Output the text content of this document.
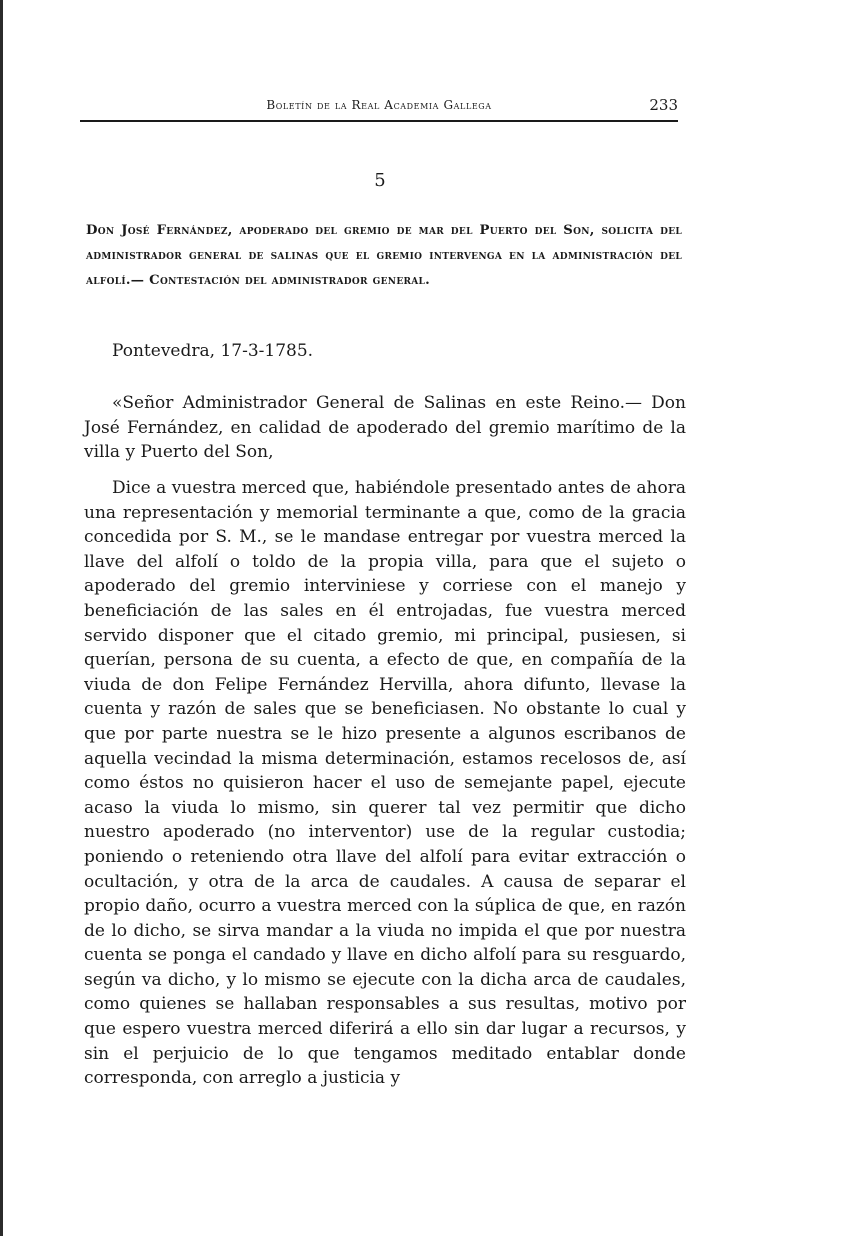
Boletín de la Real Academia Gallega	233
5
Don José Fernández, apoderado del gremio de mar del Puerto del Son, solicita del administrador general de salinas que el gremio intervenga en la administración del alfolí.— Contestación del administrador general.
Pontevedra, 17-3-1785.

«Señor Administrador General de Salinas en este Reino.— Don José Fernández, en calidad de apoderado del gremio marítimo de la villa y Puerto del Son,

Dice a vuestra merced que, habiéndole presentado antes de ahora una representación y memorial terminante a que, como de la gracia concedida por S. M., se le mandase entregar por vuestra merced la llave del alfolí o toldo de la propia villa, para que el sujeto o apoderado del gremio interviniese y corriese con el manejo y beneficiación de las sales en él entrojadas, fue vuestra merced servido disponer que el citado gremio, mi principal, pusiesen, si querían, persona de su cuenta, a efecto de que, en compañía de la viuda de don Felipe Fernández Hervilla, ahora difunto, llevase la cuenta y razón de sales que se beneficiasen. No obstante lo cual y que por parte nuestra se le hizo presente a algunos escribanos de aquella vecindad la misma determinación, estamos recelosos de, así como éstos no quisieron hacer el uso de semejante papel, ejecute acaso la viuda lo mismo, sin querer tal vez permitir que dicho nuestro apoderado (no interventor) use de la regular custodia; poniendo o reteniendo otra llave del alfolí para evitar extracción o ocultación, y otra de la arca de caudales. A causa de separar el propio daño, ocurro a vuestra merced con la súplica de que, en razón de lo dicho, se sirva mandar a la viuda no impida el que por nuestra cuenta se ponga el candado y llave en dicho alfolí para su resguardo, según va dicho, y lo mismo se ejecute con la dicha arca de caudales, como quienes se hallaban responsables a sus resultas, motivo por que espero vuestra merced diferirá a ello sin dar lugar a recursos, y sin el perjuicio de lo que tengamos meditado entablar donde corresponda, con arreglo a justicia y
